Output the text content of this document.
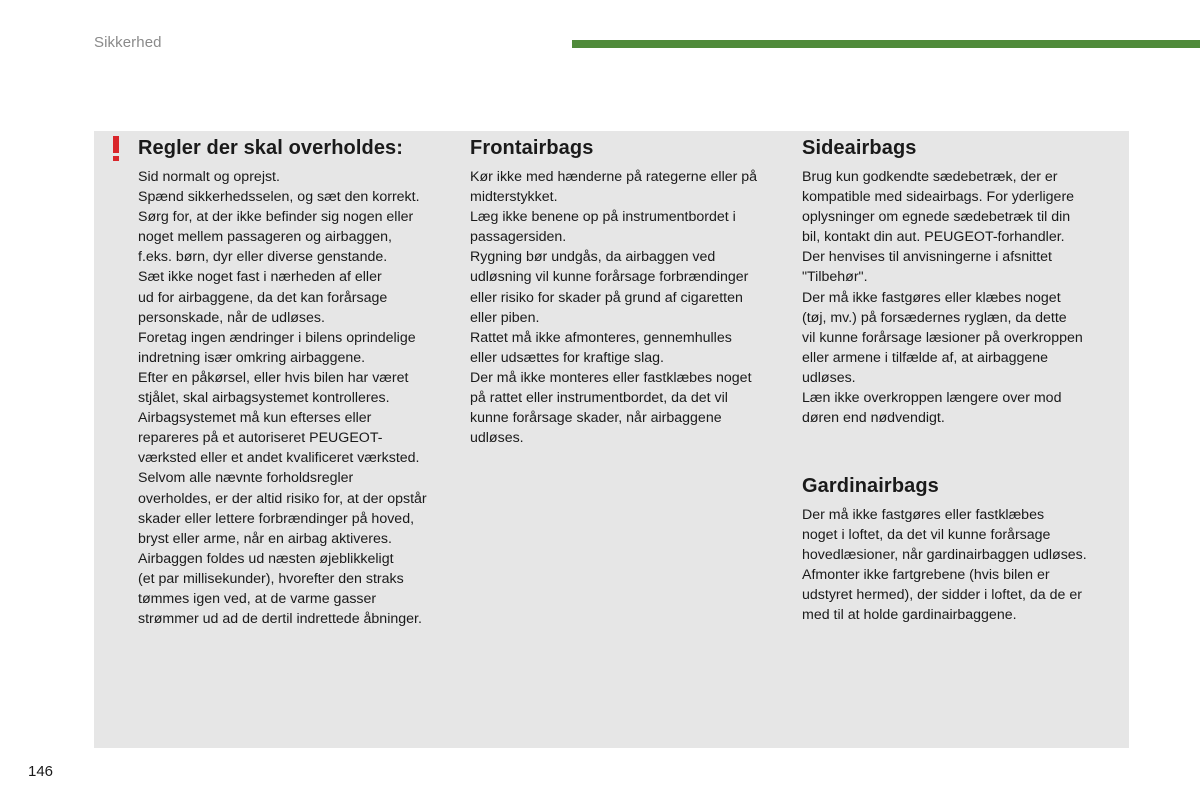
Sikkerhed
Regler der skal overholdes:

Sid normalt og oprejst.
Spænd sikkerhedsselen, og sæt den korrekt.
Sørg for, at der ikke befinder sig nogen eller
noget mellem passageren og airbaggen,
f.eks. børn, dyr eller diverse genstande.
Sæt ikke noget fast i nærheden af eller
ud for airbaggene, da det kan forårsage
personskade, når de udløses.
Foretag ingen ændringer i bilens oprindelige
indretning især omkring airbaggene.
Efter en påkørsel, eller hvis bilen har været
stjålet, skal airbagsystemet kontrolleres.
Airbagsystemet må kun efterses eller
repareres på et autoriseret PEUGEOT-
værksted eller et andet kvalificeret værksted.
Selvom alle nævnte forholdsregler
overholdes, er der altid risiko for, at der opstår
skader eller lettere forbrændinger på hoved,
bryst eller arme, når en airbag aktiveres.
Airbaggen foldes ud næsten øjeblikkeligt
(et par millisekunder), hvorefter den straks
tømmes igen ved, at de varme gasser
strømmer ud ad de dertil indrettede åbninger.

Frontairbags

Kør ikke med hænderne på rategerne eller på
midterstykket.
Læg ikke benene op på instrumentbordet i
passagersiden.
Rygning bør undgås, da airbaggen ved
udløsning vil kunne forårsage forbrændinger
eller risiko for skader på grund af cigaretten
eller piben.
Rattet må ikke afmonteres, gennemhulles
eller udsættes for kraftige slag.
Der må ikke monteres eller fastklæbes noget
på rattet eller instrumentbordet, da det vil
kunne forårsage skader, når airbaggene
udløses.

Sideairbags

Brug kun godkendte sædebetræk, der er
kompatible med sideairbags. For yderligere
oplysninger om egnede sædebetræk til din
bil, kontakt din aut. PEUGEOT-forhandler.
Der henvises til anvisningerne i afsnittet
"Tilbehør".
Der må ikke fastgøres eller klæbes noget
(tøj, mv.) på forsædernes ryglæn, da dette
vil kunne forårsage læsioner på overkroppen
eller armene i tilfælde af, at airbaggene
udløses.
Læn ikke overkroppen længere over mod
døren end nødvendigt.

Gardinairbags

Der må ikke fastgøres eller fastklæbes
noget i loftet, da det vil kunne forårsage
hovedlæsioner, når gardinairbaggen udløses.
Afmonter ikke fartgrebene (hvis bilen er
udstyret hermed), der sidder i loftet, da de er
med til at holde gardinairbaggene.

146
